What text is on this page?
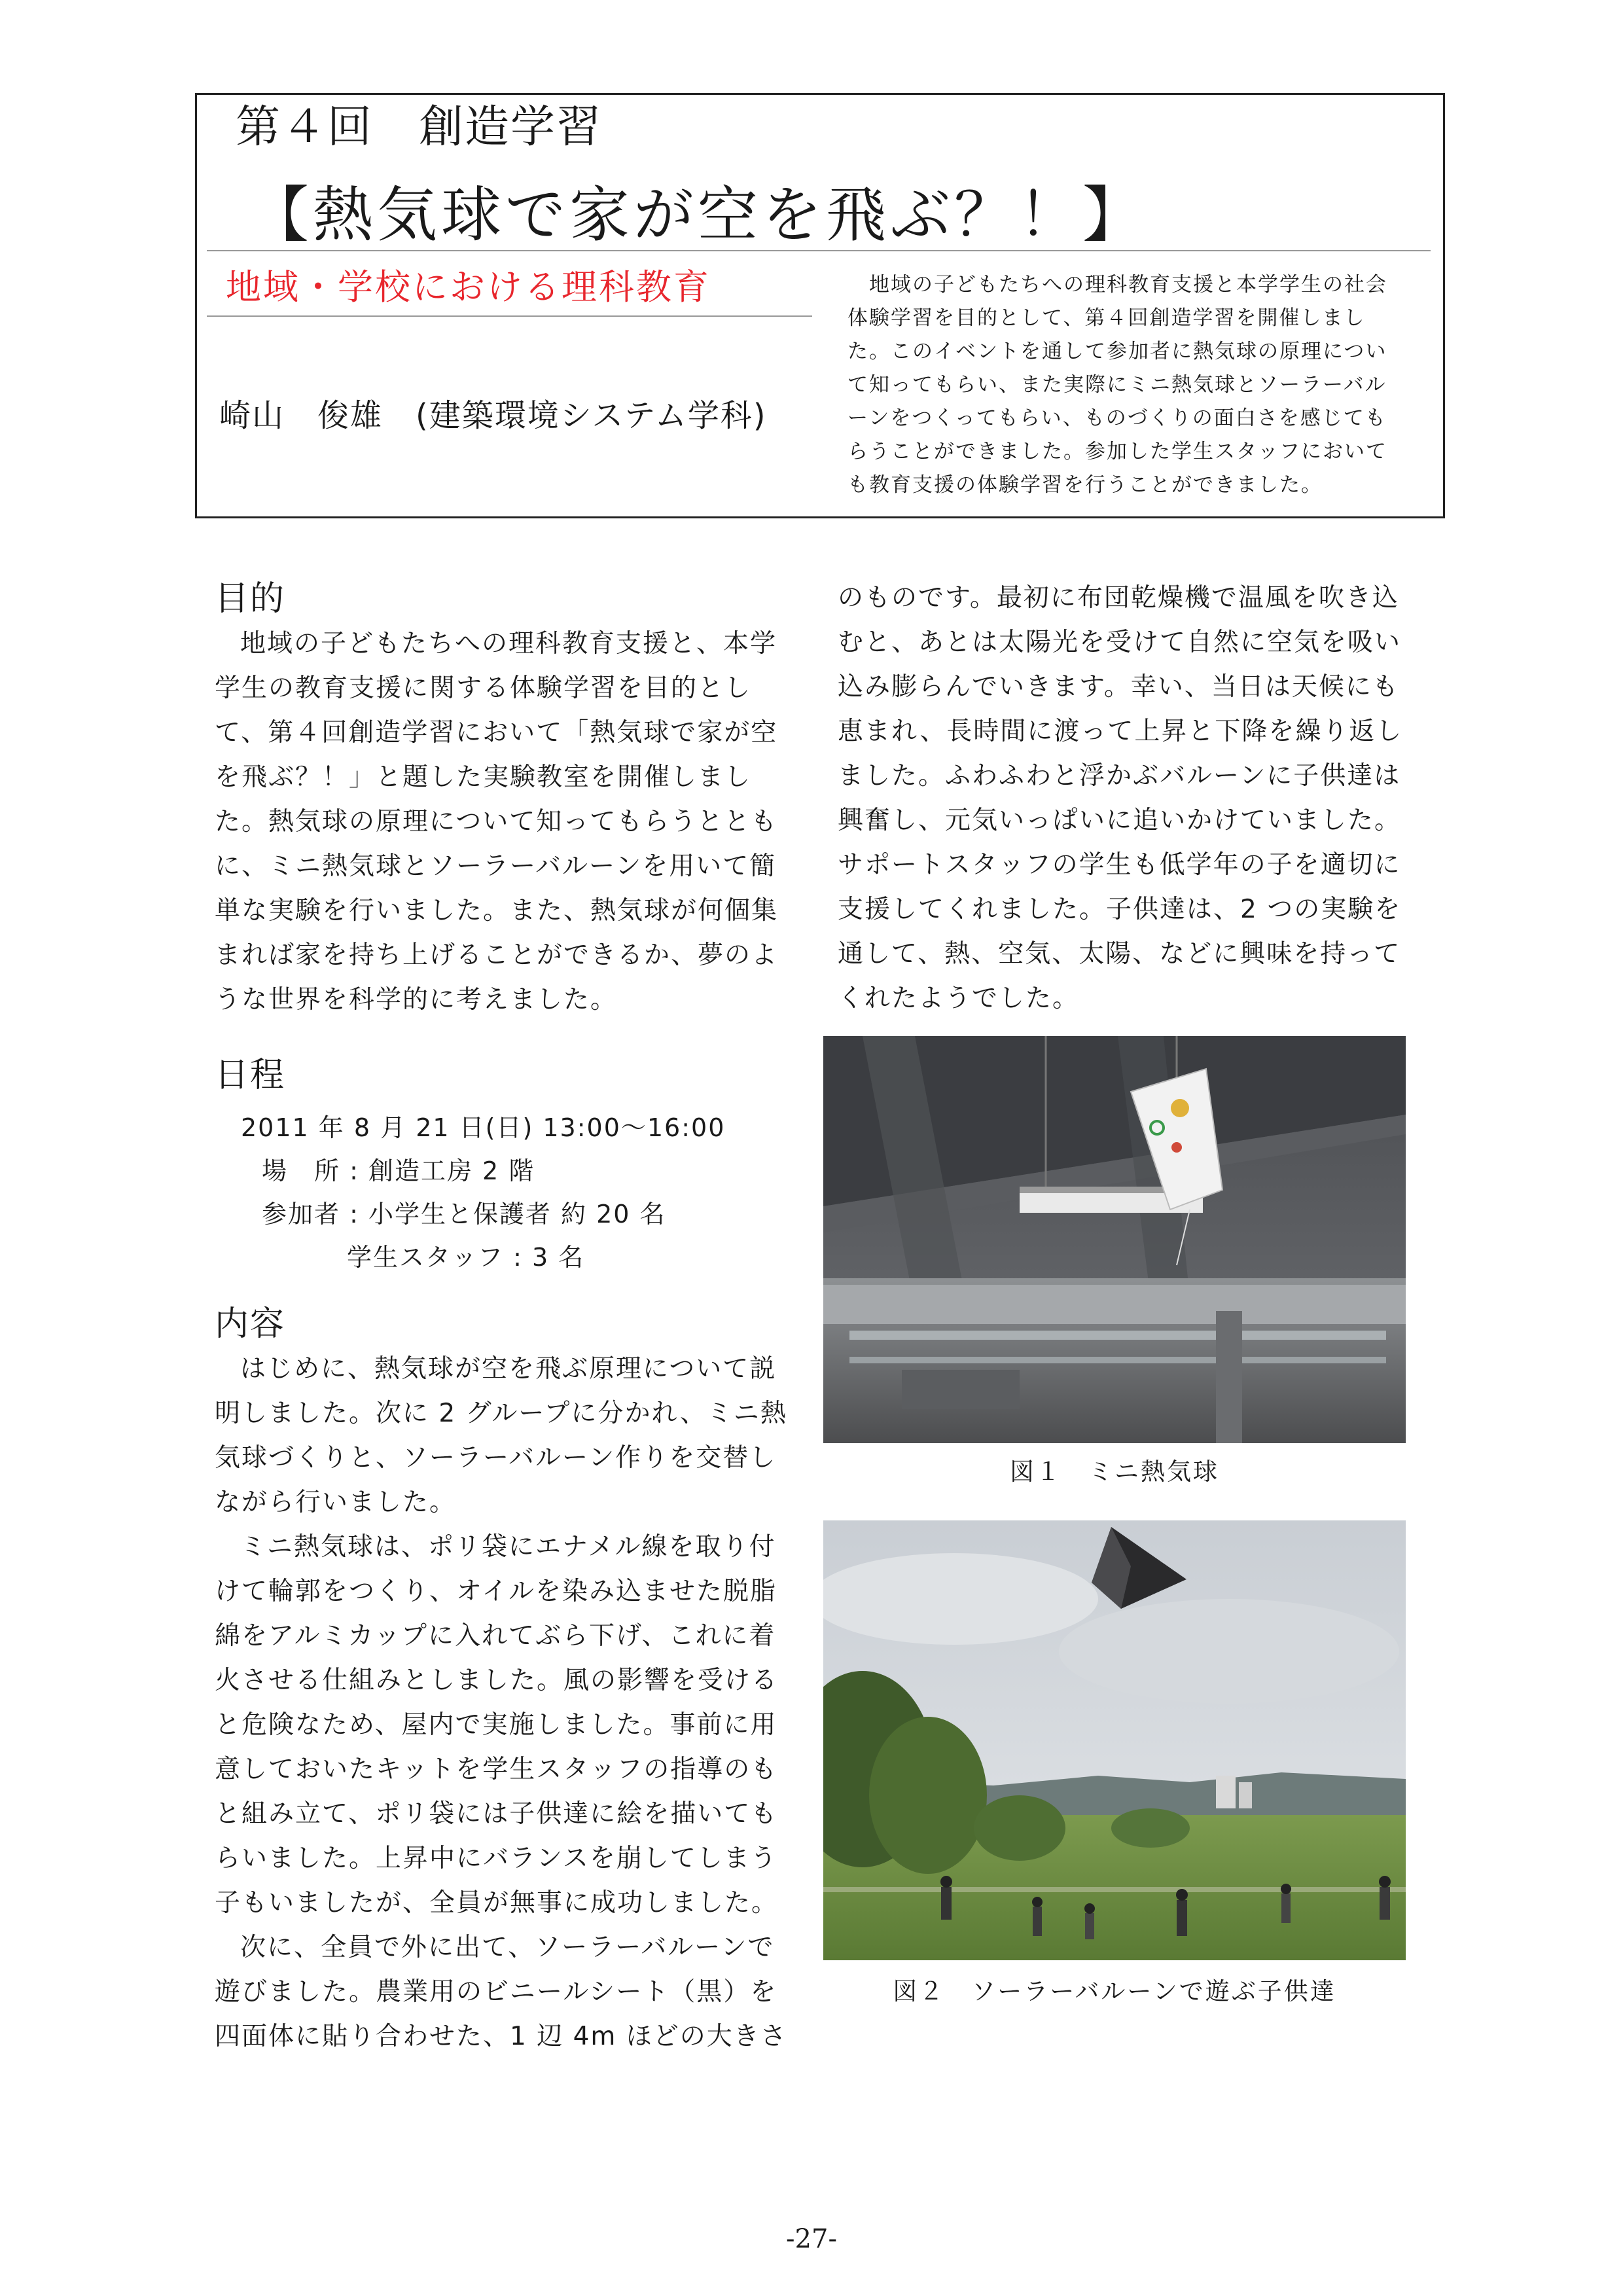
第４回　創造学習
【熱気球で家が空を飛ぶ？！】
地域・学校における理科教育
崎山　俊雄　(建築環境システム学科)
　地域の子どもたちへの理科教育支援と本学学生の社会体験学習を目的として、第４回創造学習を開催しました。このイベントを通して参加者に熱気球の原理について知ってもらい、また実際にミニ熱気球とソーラーバルーンをつくってもらい、ものづくりの面白さを感じてもらうことができました。参加した学生スタッフにおいても教育支援の体験学習を行うことができました。
目的

地域の子どもたちへの理科教育支援と、本学学生の教育支援に関する体験学習を目的として、第４回創造学習において「熱気球で家が空を飛ぶ？！」と題した実験教室を開催しました。熱気球の原理について知ってもらうとともに、ミニ熱気球とソーラーバルーンを用いて簡単な実験を行いました。また、熱気球が何個集まれば家を持ち上げることができるか、夢のような世界を科学的に考えました。

日程
2011 年 8 月 21 日(日) 13:00～16:00
場　所 : 創造工房 2 階
参加者 : 小学生と保護者 約 20 名
学生スタッフ : 3 名
内容

はじめに、熱気球が空を飛ぶ原理について説明しました。次に 2 グループに分かれ、ミニ熱気球づくりと、ソーラーバルーン作りを交替しながら行いました。

ミニ熱気球は、ポリ袋にエナメル線を取り付けて輪郭をつくり、オイルを染み込ませた脱脂綿をアルミカップに入れてぶら下げ、これに着火させる仕組みとしました。風の影響を受けると危険なため、屋内で実施しました。事前に用意しておいたキットを学生スタッフの指導のもと組み立て、ポリ袋には子供達に絵を描いてもらいました。上昇中にバランスを崩してしまう子もいましたが、全員が無事に成功しました。

次に、全員で外に出て、ソーラーバルーンで遊びました。農業用のビニールシート（黒）を四面体に貼り合わせた、1 辺 4m ほどの大きさ

のものです。最初に布団乾燥機で温風を吹き込むと、あとは太陽光を受けて自然に空気を吸い込み膨らんでいきます。幸い、当日は天候にも恵まれ、長時間に渡って上昇と下降を繰り返しました。ふわふわと浮かぶバルーンに子供達は興奮し、元気いっぱいに追いかけていました。サポートスタッフの学生も低学年の子を適切に支援してくれました。子供達は、2 つの実験を通して、熱、空気、太陽、などに興味を持ってくれたようでした。

図１　ミニ熱気球
図２　ソーラーバルーンで遊ぶ子供達
-27-
